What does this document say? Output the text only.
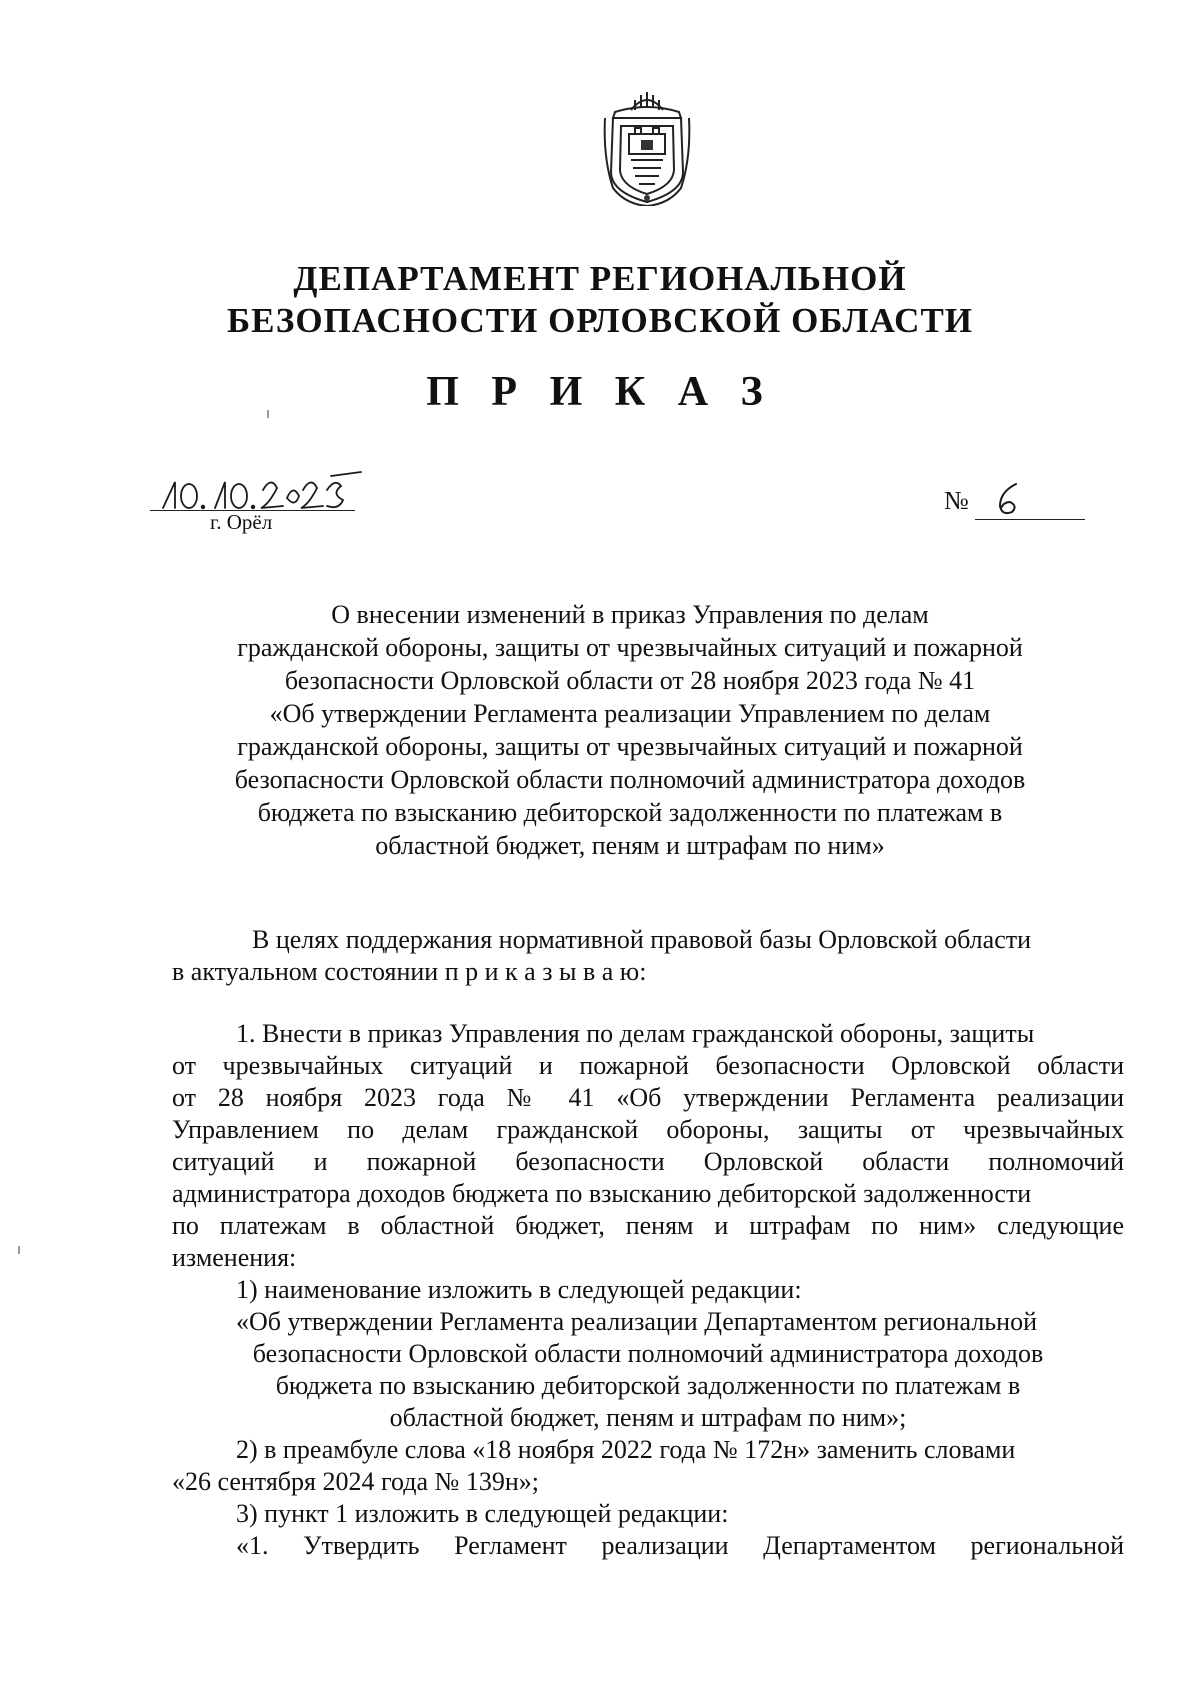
ДЕПАРТАМЕНТ РЕГИОНАЛЬНОЙ
БЕЗОПАСНОСТИ ОРЛОВСКОЙ ОБЛАСТИ
П Р И К А З
г. Орёл
№
О внесении изменений в приказ Управления по делам
гражданской обороны, защиты от чрезвычайных ситуаций и пожарной
безопасности Орловской области от 28 ноября 2023 года № 41
«Об утверждении Регламента реализации Управлением по делам
гражданской обороны, защиты от чрезвычайных ситуаций и пожарной
безопасности Орловской области полномочий администратора доходов
бюджета по взысканию дебиторской задолженности по платежам в
областной бюджет, пеням и штрафам по ним»
В целях поддержания нормативной правовой базы Орловской области
в актуальном состоянии п р и к а з ы в а ю:
1. Внести в приказ Управления по делам гражданской обороны, защиты
от чрезвычайных ситуаций и пожарной безопасности Орловской области
от 28 ноября 2023 года № 41 «Об утверждении Регламента реализации
Управлением по делам гражданской обороны, защиты от чрезвычайных
ситуаций и пожарной безопасности Орловской области полномочий
администратора доходов бюджета по взысканию дебиторской задолженности
по платежам в областной бюджет, пеням и штрафам по ним» следующие
изменения:
1) наименование изложить в следующей редакции:
«Об утверждении Регламента реализации Департаментом региональной
безопасности Орловской области полномочий администратора доходов
бюджета по взысканию дебиторской задолженности по платежам в
областной бюджет, пеням и штрафам по ним»;
2) в преамбуле слова «18 ноября 2022 года № 172н» заменить словами
«26 сентября 2024 года № 139н»;
3) пункт 1 изложить в следующей редакции:
«1. Утвердить Регламент реализации Департаментом региональной
